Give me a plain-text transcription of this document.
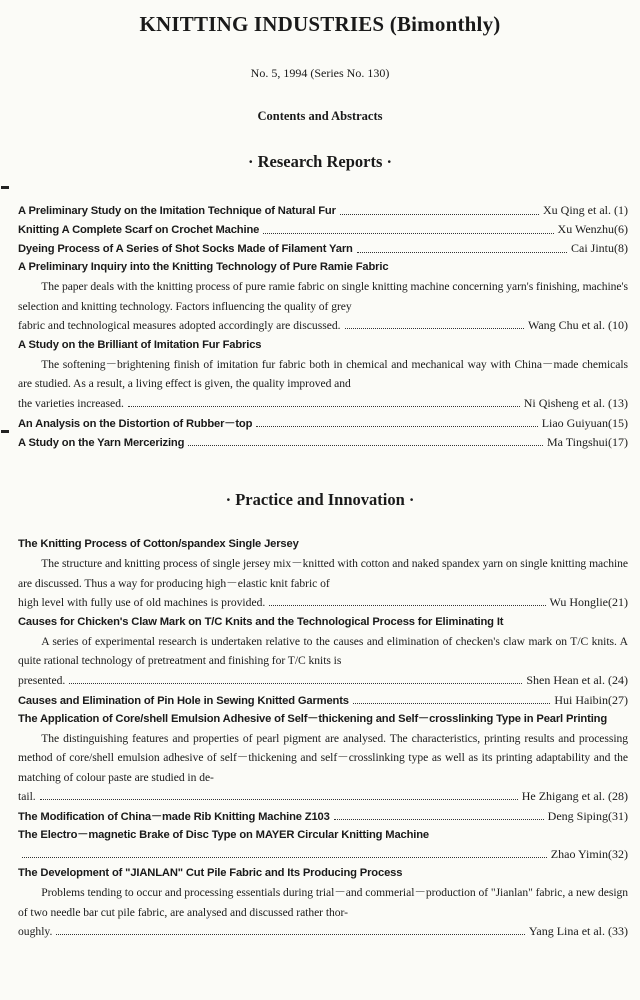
KNITTING INDUSTRIES (Bimonthly)
No. 5, 1994 (Series No. 130)
Contents and Abstracts
· Research Reports ·
A Preliminary Study on the Imitation Technique of Natural Fur	Xu Qing et al. (1)
Knitting A Complete Scarf on Crochet Machine	Xu Wenzhu(6)
Dyeing Process of A Series of Shot Socks Made of Filament Yarn	Cai Jintu(8)
A Preliminary Inquiry into the Knitting Technology of Pure Ramie Fabric

The paper deals with the knitting process of pure ramie fabric on single knitting machine concerning yarn's finishing, machine's selection and knitting technology. Factors influencing the quality of grey

fabric and technological measures adopted accordingly are discussed.	Wang Chu et al. (10)
A Study on the Brilliant of Imitation Fur Fabrics

The softening－brightening finish of imitation fur fabric both in chemical and mechanical way with China－made chemicals are studied. As a result, a living effect is given, the quality improved and

the varieties increased.	Ni Qisheng et al. (13)
An Analysis on the Distortion of Rubber－top	Liao Guiyuan(15)
A Study on the Yarn Mercerizing	Ma Tingshui(17)
· Practice and Innovation ·
The Knitting Process of Cotton/spandex Single Jersey

The structure and knitting process of single jersey mix－knitted with cotton and naked spandex yarn on single knitting machine are discussed. Thus a way for producing high－elastic knit fabric of

high level with fully use of old machines is provided.	Wu Honglie(21)
Causes for Chicken's Claw Mark on T/C Knits and the Technological Process for Eliminating It

A series of experimental research is undertaken relative to the causes and elimination of checken's claw mark on T/C knits. A quite rational technology of pretreatment and finishing for T/C knits is

presented.	Shen Hean et al. (24)
Causes and Elimination of Pin Hole in Sewing Knitted Garments	Hui Haibin(27)
The Application of Core/shell Emulsion Adhesive of Self－thickening and Self－crosslinking Type in Pearl Printing

The distinguishing features and properties of pearl pigment are analysed. The characteristics, printing results and processing method of core/shell emulsion adhesive of self－thickening and self－crosslinking type as well as its printing adaptability and the matching of colour paste are studied in de-

tail.	He Zhigang et al. (28)
The Modification of China－made Rib Knitting Machine Z103	Deng Siping(31)
The Electro－magnetic Brake of Disc Type on MAYER Circular Knitting Machine
Zhao Yimin(32)
The Development of "JIANLAN" Cut Pile Fabric and Its Producing Process

Problems tending to occur and processing essentials during trial－and commerial－production of "Jianlan" fabric, a new design of two needle bar cut pile fabric, are analysed and discussed rather thor-

oughly.	Yang Lina et al. (33)
